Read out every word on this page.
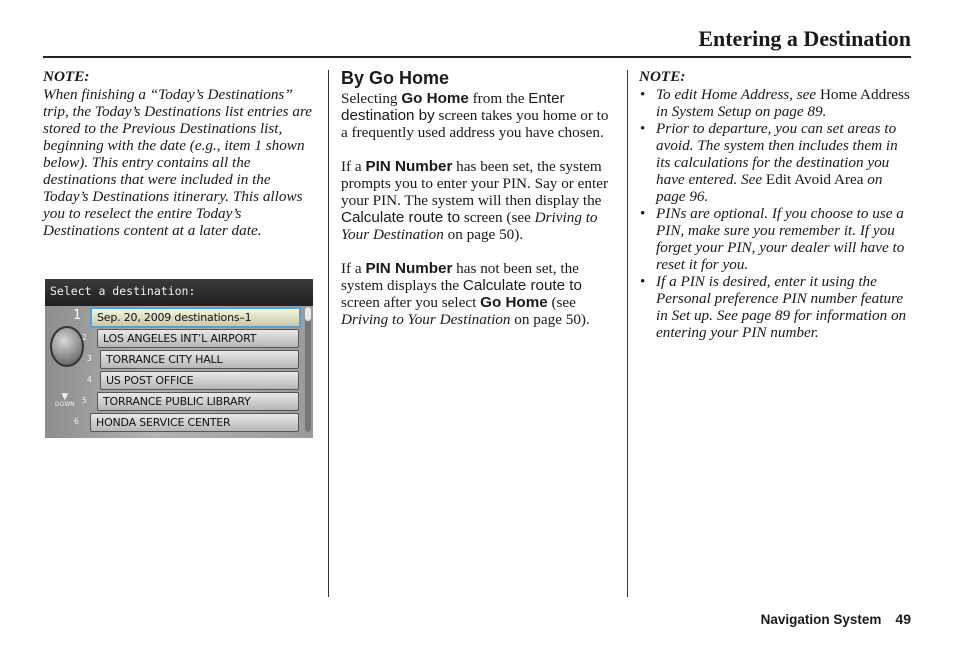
Entering a Destination
NOTE:
When finishing a “Today’s Destinations” trip, the Today’s Destinations list entries are stored to the Previous Destinations list, beginning with the date (e.g., item 1 shown below). This entry contains all the destinations that were included in the Today’s Destinations itinerary. This allows you to reselect the entire Today’s Destinations content at a later date.
Select a destination:
▼
DOWN
1 Sep. 20, 2009 destinations–1
2 LOS ANGELES INT’L AIRPORT
3 TORRANCE CITY HALL
4 US POST OFFICE
5 TORRANCE PUBLIC LIBRARY
6 HONDA SERVICE CENTER
By Go Home

Selecting Go Home from the Enter destination by screen takes you home or to a frequently used address you have chosen.

If a PIN Number has been set, the system prompts you to enter your PIN. Say or enter your PIN. The system will then display the Calculate route to screen (see Driving to Your Destination on page 50).

If a PIN Number has not been set, the system displays the Calculate route to screen after you select Go Home (see Driving to Your Destination on page 50).

NOTE:
• To edit Home Address, see Home Address in System Setup on page 89.
• Prior to departure, you can set areas to avoid. The system then includes them in its calculations for the destination you have entered. See Edit Avoid Area on page 96.
• PINs are optional. If you choose to use a PIN, make sure you remember it. If you forget your PIN, your dealer will have to reset it for you.
• If a PIN is desired, enter it using the Personal preference PIN number feature in Set up. See page 89 for information on entering your PIN number.
Navigation System 49
